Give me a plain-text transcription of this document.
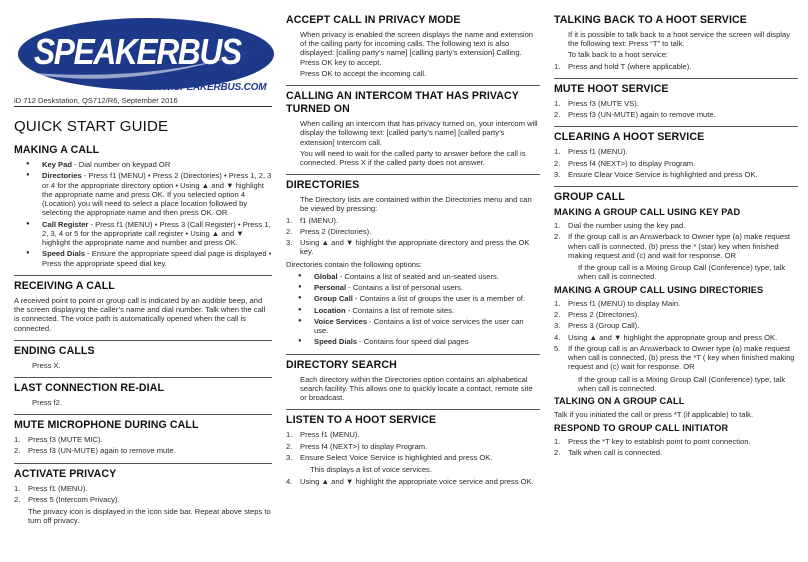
SPEAKERBUS
WWW.SPEAKERBUS.COM
iD 712 Deskstation, QS712/R6, September 2016
QUICK START GUIDE
MAKING A CALL
● Key Pad - Dial number on keypad OR
● Directories - Press f1 (MENU) • Press 2 (Directories) • Press 1, 2, 3 or 4 for the appropriate directory option • Using ▲ and ▼ highlight the appropriate name and press OK. If you selected option 4 (Location) you will need to select a place location followed by selecting the appropriate name and then press OK. OR
● Call Register - Press f1 (MENU) • Press 3 (Call Register) • Press 1, 2, 3, 4 or 5 for the appropriate call register • Using ▲ and ▼ highlight the appropriate name and number and press OK.
● Speed Dials - Ensure the appropriate speed dial page is displayed • Press the appropriate speed dial key.
RECEIVING A CALL

A received point to point or group call is indicated by an audible beep, and the screen displaying the caller’s name and dial number. Talk when the call is connected. The voice path is automatically opened when the call is connected.

ENDING CALLS

Press X.

LAST CONNECTION RE-DIAL

Press f2.

MUTE MICROPHONE DURING CALL
1.	Press f3 (MUTE MIC).
2.	Press f3 (UN-MUTE) again to remove mute.
ACTIVATE PRIVACY
1.	Press f1 (MENU).
2.	Press 5 (Intercom Privacy).

The privacy icon is displayed in the icon side bar. Repeat above steps to turn off privacy.

ACCEPT CALL IN PRIVACY MODE

When privacy is enabled the screen displays the name and extension of the calling party for incoming calls. The following text is also displayed: [calling party’s name] [calling party’s extension] Calling. Press OK key to accept.

Press OK to accept the incoming call.

CALLING AN INTERCOM THAT HAS PRIVACY TURNED ON

When calling an intercom that has privacy turned on, your intercom will display the following text: [called party’s name] [called party’s extension] Intercom call.

You will need to wait for the called party to answer before the call is connected. Press X if the called party does not answer.

DIRECTORIES

The Directory lists are contained within the Directories menu and can be viewed by pressing:

1.	f1 (MENU).
2.	Press 2 (Directories).
3.	Using ▲ and ▼ highlight the appropriate directory and press the OK key.

Directories contain the following options:

● Global - Contains a list of seated and un-seated users.
● Personal - Contains a list of personal users.
● Group Call - Contains a list of groups the user is a member of.
● Location - Contains a list of remote sites.
● Voice Services - Contains a list of voice services the user can use.
● Speed Dials - Contains four speed dial pages
DIRECTORY SEARCH

Each directory within the Directories option contains an alphabetical search facility. This allows one to quickly locate a contact, remote site or broadcast.

LISTEN TO A HOOT SERVICE
1.	Press f1 (MENU).
2.	Press f4 (NEXT>) to display Program.
3.	Ensure Select Voice Service is highlighted and press OK.

This displays a list of voice services.

4.	Using ▲ and ▼ highlight the appropriate voice service and press OK.
TALKING BACK TO A HOOT SERVICE

If it is possible to talk back to a hoot service the screen will display the following text: Press “T” to talk.

To talk back to a hoot service:

1.	Press and hold T (where applicable).
MUTE HOOT SERVICE
1.	Press f3 (MUTE VS).
2.	Press f3 (UN-MUTE) again to remove mute.
CLEARING A HOOT SERVICE
1.	Press f1 (MENU).
2.	Press f4 (NEXT>) to display Program.
3.	Ensure Clear Voice Service is highlighted and press OK.
GROUP CALL
MAKING A GROUP CALL USING KEY PAD
1.	Dial the number using the key pad.
2.	If the group call is an Answerback to Owner type (a) make request when call is connected, (b) press the * (star) key when finished making request and (c) and wait for response. OR

If the group call is a Mixing Group Call (Conference) type, talk when call is connected.

MAKING A GROUP CALL USING DIRECTORIES
1.	Press f1 (MENU) to display Main.
2.	Press 2 (Directories).
3.	Press 3 (Group Call).
4.	Using ▲ and ▼ highlight the appropriate group and press OK.
5.	If the group call is an Answerback to Owner type (a) make request when call is connected, (b) press the *T ( key when finished making request and (c) wait for response. OR

If the group call is a Mixing Group Call (Conference) type, talk when call is connected.

TALKING ON A GROUP CALL

Talk if you initiated the call or press *T (if applicable) to talk.

RESPOND TO GROUP CALL INITIATOR
1.	Press the *T key to establish point to point connection.
2.	Talk when call is connected.
